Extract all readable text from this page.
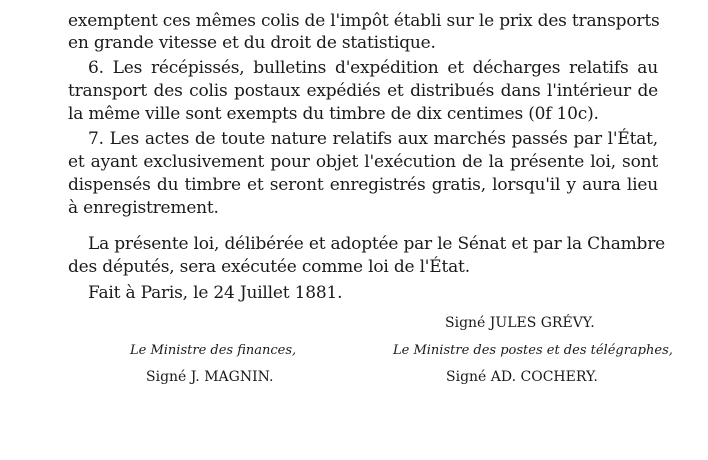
exemptent ces mêmes colis de l'impôt établi sur le prix des transports
en grande vitesse et du droit de statistique.
6. Les récépissés, bulletins d'expédition et décharges relatifs au
transport des colis postaux expédiés et distribués dans l'intérieur de
la même ville sont exempts du timbre de dix centimes (0f 10c).
7. Les actes de toute nature relatifs aux marchés passés par l'État,
et ayant exclusivement pour objet l'exécution de la présente loi, sont
dispensés du timbre et seront enregistrés gratis, lorsqu'il y aura lieu
à enregistrement.
La présente loi, délibérée et adoptée par le Sénat et par la Chambre
des députés, sera exécutée comme loi de l'État.
Fait à Paris, le 24 Juillet 1881.
Signé JULES GRÉVY.
Le Ministre des finances,
Signé J. MAGNIN.
Le Ministre des postes et des télégraphes,
Signé AD. COCHERY.
